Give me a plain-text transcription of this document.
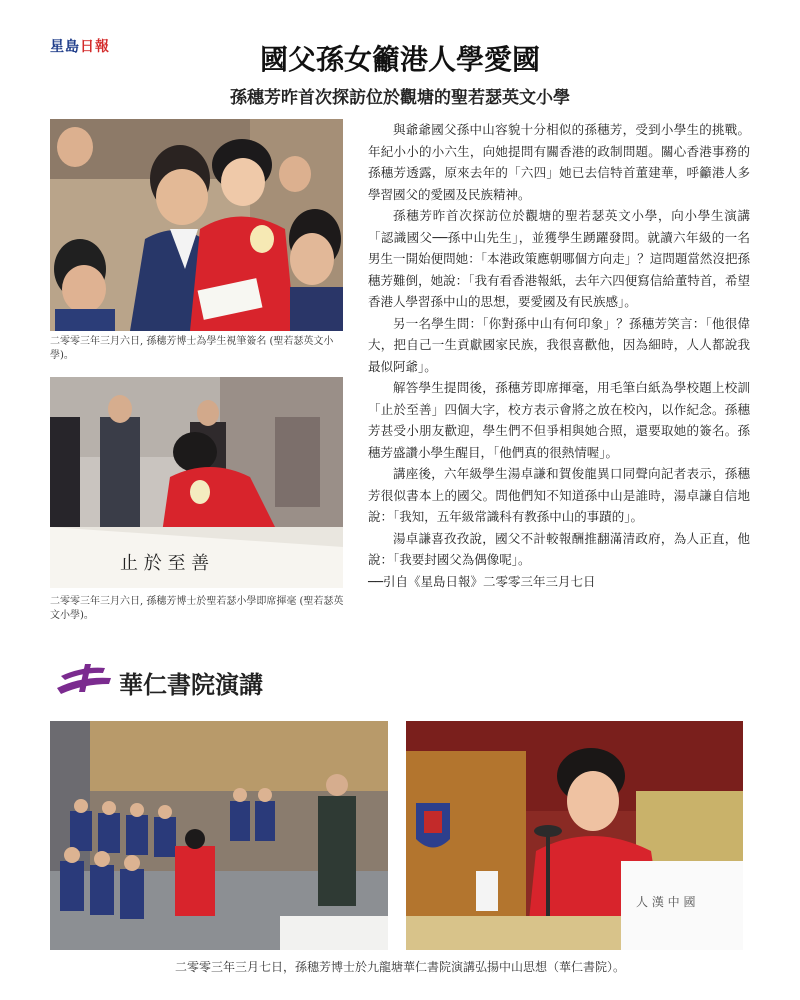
星島日報	國父孫女籲港人學愛國
孫穗芳昨首次探訪位於觀塘的聖若瑟英文小學
二零零三年三月六日, 孫穗芳博士為學生視筆簽名 (聖若瑟英文小學)。
止 於 至 善
二零零三年三月六日, 孫穗芳博士於聖若瑟小學即席揮毫 (聖若瑟英文小學)。

與爺爺國父孫中山容貌十分相似的孫穗芳，受到小學生的挑戰。年紀小小的小六生，向她提問有關香港的政制問題。關心香港事務的孫穗芳透露，原來去年的「六四」她已去信特首董建華，呼籲港人多學習國父的愛國及民族精神。

孫穗芳昨首次探訪位於觀塘的聖若瑟英文小學，向小學生演講「認識國父──孫中山先生」，並獲學生踴躍發問。就讀六年級的一名男生一開始便問她：「本港政策應朝哪個方向走」？這問題當然沒把孫穗芳難倒，她說：「我有看香港報紙，去年六四便寫信給董特首，希望香港人學習孫中山的思想，要愛國及有民族感」。

另一名學生問：「你對孫中山有何印象」？孫穗芳笑言：「他很偉大，把自己一生貢獻國家民族，我很喜歡他，因為細時，人人都說我最似阿爺」。

解答學生提問後，孫穗芳即席揮毫，用毛筆白紙為學校題上校訓「止於至善」四個大字，校方表示會將之放在校內，以作紀念。孫穗芳甚受小朋友歡迎，學生們不但爭相與她合照，還要取她的簽名。孫穗芳盛讚小學生醒目，「他們真的很熱情喔」。

講座後，六年級學生湯卓謙和賀俊龍異口同聲向記者表示，孫穗芳很似書本上的國父。問他們知不知道孫中山是誰時，湯卓謙自信地說：「我知，五年級常識科有教孫中山的事蹟的」。

湯卓謙喜孜孜說，國父不計較報酬推翻滿清政府，為人正直，他說：「我要封國父為偶像呢」。

──引自《星島日報》二零零三年三月七日

華仁書院演講
人 漢 中 國
二零零三年三月七日，孫穗芳博士於九龍塘華仁書院演講弘揚中山思想（華仁書院）。
